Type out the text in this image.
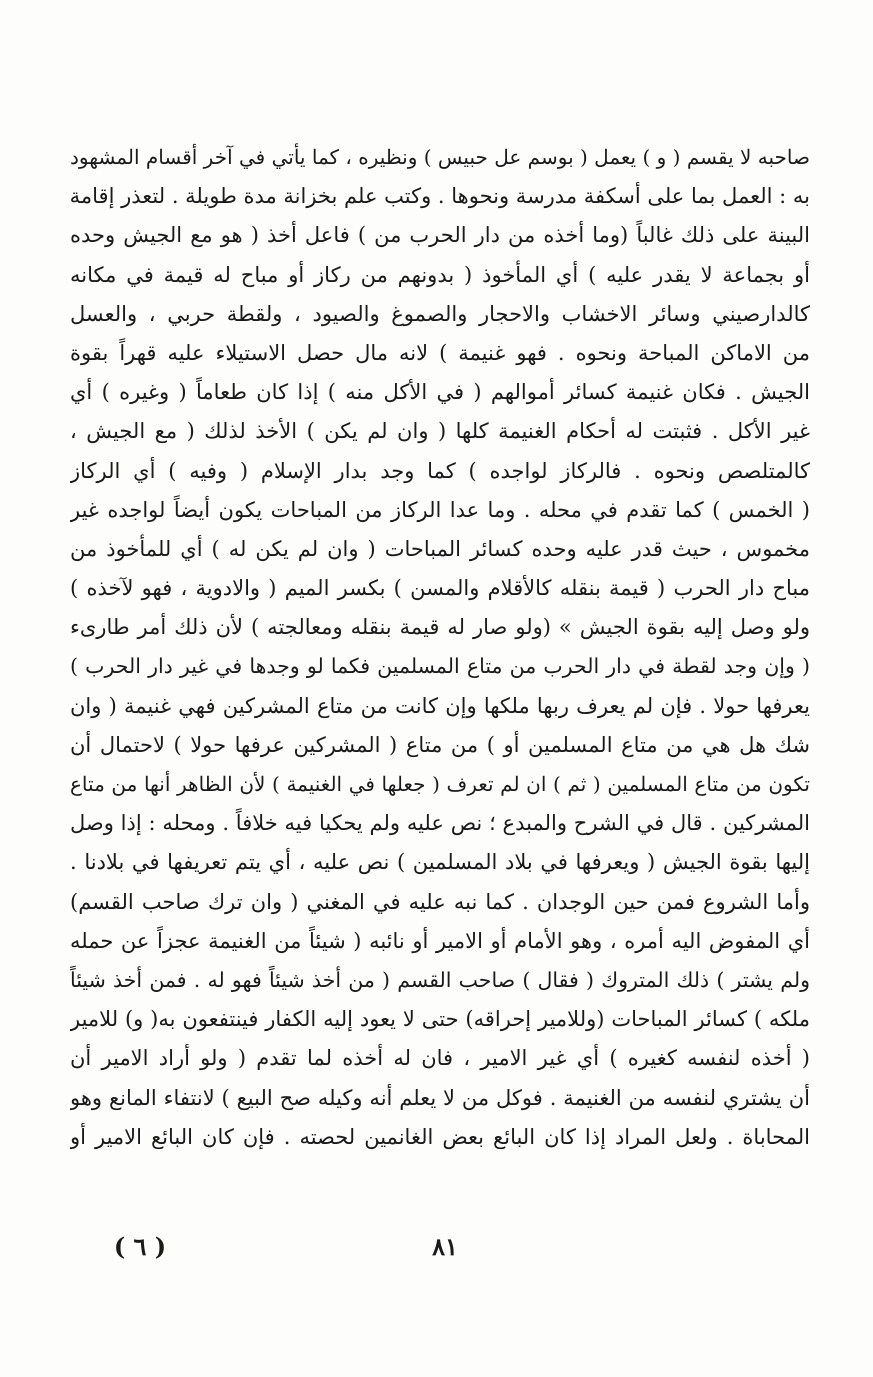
صاحبه لا يقسم ( و ) يعمل ( بوسم عل حبيس ) ونظيره ، كما يأتي في آخر أقسام المشهود
به : العمل بما على أسكفة مدرسة ونحوها . وكتب علم بخزانة مدة طويلة . لتعذر إقامة
البينة على ذلك غالباً (وما أخذه من دار الحرب من ) فاعل أخذ ( هو مع الجيش وحده
أو بجماعة لا يقدر عليه ) أي المأخوذ ( بدونهم من ركاز أو مباح له قيمة في مكانه
كالدارصيني وسائر الاخشاب والاحجار والصموغ والصيود ، ولقطة حربي ، والعسل
من الاماكن المباحة ونحوه . فهو غنيمة ) لانه مال حصل الاستيلاء عليه قهراً بقوة
الجيش . فكان غنيمة كسائر أموالهم ( في الأكل منه ) إذا كان طعاماً ( وغيره ) أي
غير الأكل . فثبتت له أحكام الغنيمة كلها ( وان لم يكن ) الأخذ لذلك ( مع الجيش ،
كالمتلصص ونحوه . فالركاز لواجده ) كما وجد بدار الإسلام ( وفيه ) أي الركاز
( الخمس ) كما تقدم في محله . وما عدا الركاز من المباحات يكون أيضاً لواجده غير
مخموس ، حيث قدر عليه وحده كسائر المباحات ( وان لم يكن له ) أي للمأخوذ من
مباح دار الحرب ( قيمة بنقله كالأقلام والمسن ) بكسر الميم ( والادوية ، فهو لآخذه )
ولو وصل إليه بقوة الجيش » (ولو صار له قيمة بنقله ومعالجته ) لأن ذلك أمر طارىء
( وإن وجد لقطة في دار الحرب من متاع المسلمين فكما لو وجدها في غير دار الحرب )
يعرفها حولا . فإن لم يعرف ربها ملكها وإن كانت من متاع المشركين فهي غنيمة ( وان
شك هل هي من متاع المسلمين أو ) من متاع ( المشركين عرفها حولا ) لاحتمال أن
تكون من متاع المسلمين ( ثم ) ان لم تعرف ( جعلها في الغنيمة ) لأن الظاهر أنها من متاع
المشركين . قال في الشرح والمبدع ؛ نص عليه ولم يحكيا فيه خلافاً . ومحله : إذا وصل
إليها بقوة الجيش ( ويعرفها في بلاد المسلمين ) نص عليه ، أي يتم تعريفها في بلادنا .
وأما الشروع فمن حين الوجدان . كما نبه عليه في المغني ( وان ترك صاحب القسم)
أي المفوض اليه أمره ، وهو الأمام أو الامير أو نائبه ( شيئاً من الغنيمة عجزاً عن حمله
ولم يشتر ) ذلك المتروك ( فقال ) صاحب القسم ( من أخذ شيئاً فهو له . فمن أخذ شيئاً
ملكه ) كسائر المباحات (وللامير إحراقه) حتى لا يعود إليه الكفار فينتفعون به( و) للامير
( أخذه لنفسه كغيره ) أي غير الامير ، فان له أخذه لما تقدم ( ولو أراد الامير أن
أن يشتري لنفسه من الغنيمة . فوكل من لا يعلم أنه وكيله صح البيع ) لانتفاء المانع وهو
المحاباة . ولعل المراد إذا كان البائع بعض الغانمين لحصته . فإن كان البائع الامير أو
( ٦ )	٨١
